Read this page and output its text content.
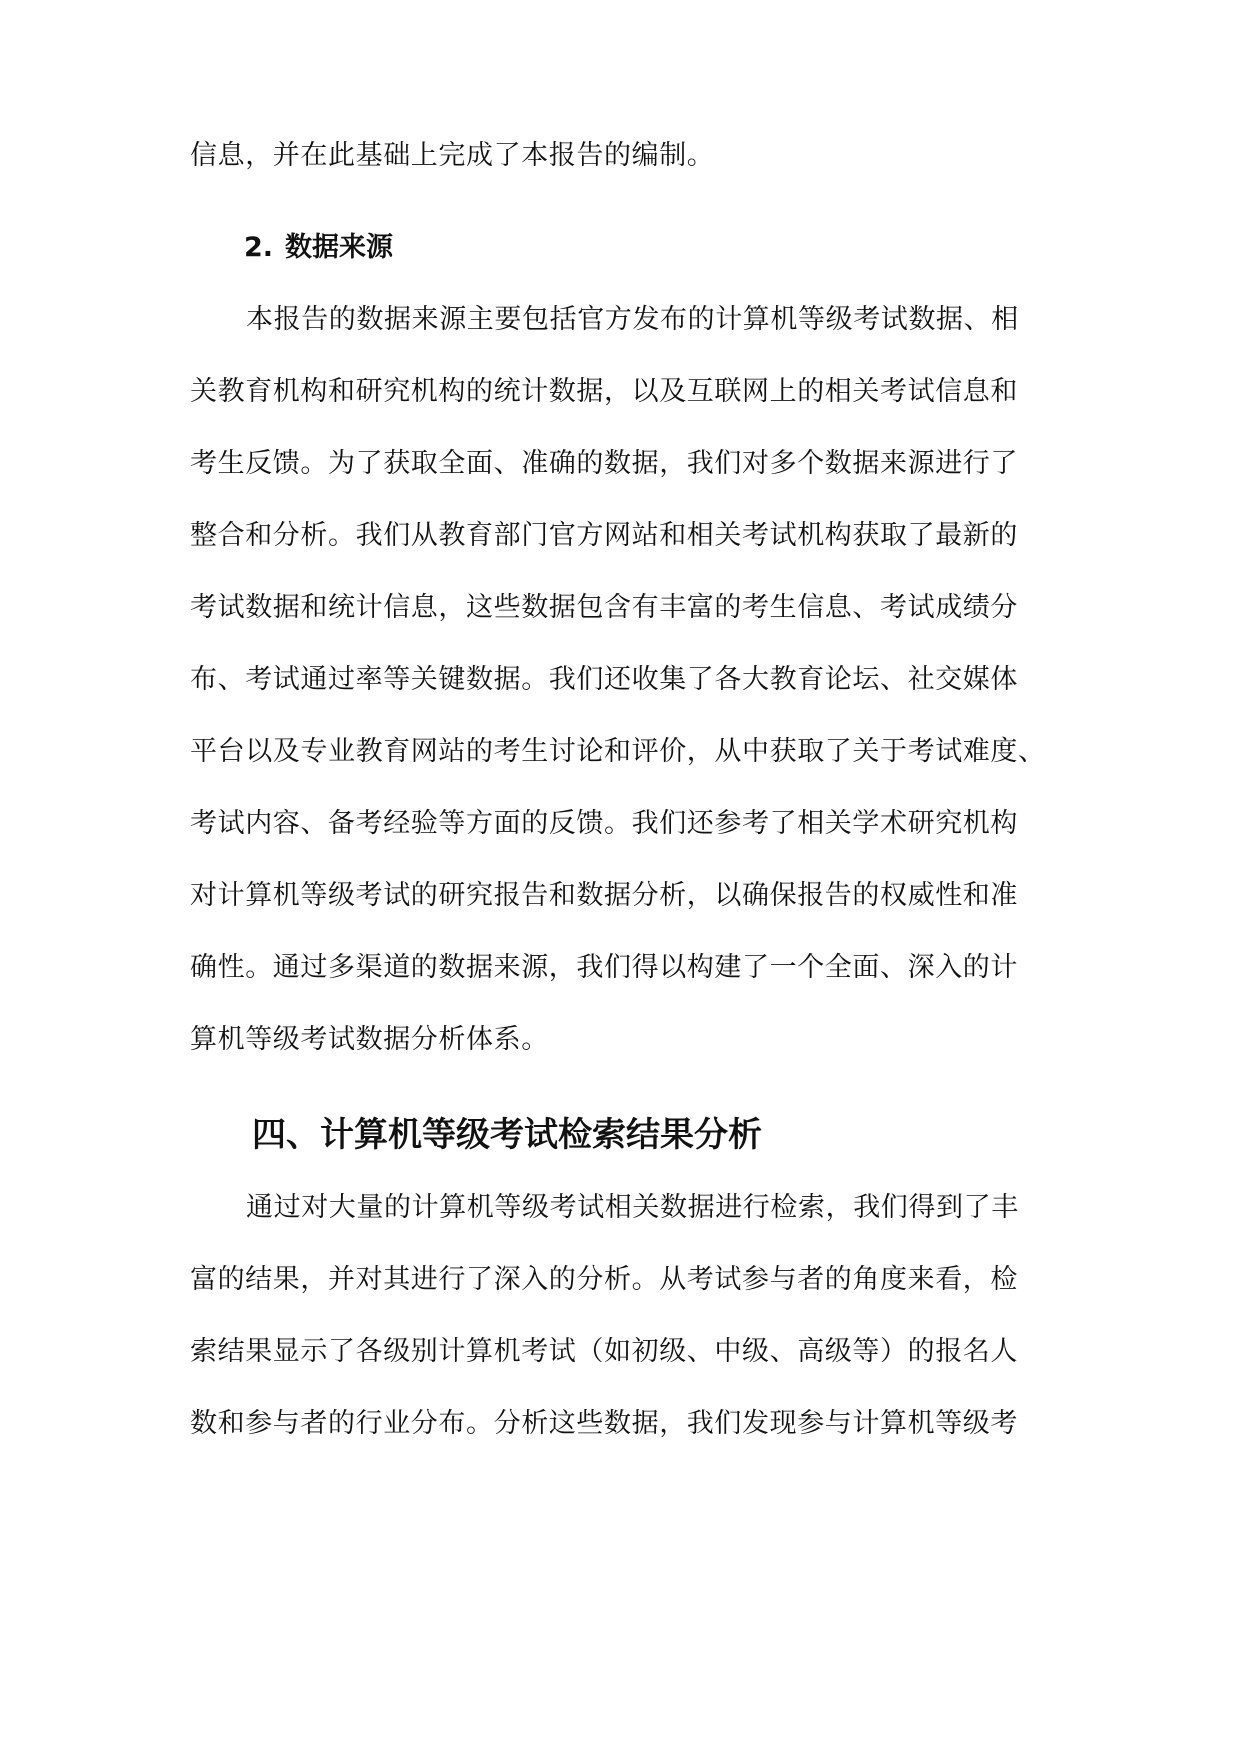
信息，并在此基础上完成了本报告的编制。
2. 数据来源
本报告的数据来源主要包括官方发布的计算机等级考试数据、相
关教育机构和研究机构的统计数据，以及互联网上的相关考试信息和
考生反馈。为了获取全面、准确的数据，我们对多个数据来源进行了
整合和分析。我们从教育部门官方网站和相关考试机构获取了最新的
考试数据和统计信息，这些数据包含有丰富的考生信息、考试成绩分
布、考试通过率等关键数据。我们还收集了各大教育论坛、社交媒体
平台以及专业教育网站的考生讨论和评价，从中获取了关于考试难度、
考试内容、备考经验等方面的反馈。我们还参考了相关学术研究机构
对计算机等级考试的研究报告和数据分析，以确保报告的权威性和准
确性。通过多渠道的数据来源，我们得以构建了一个全面、深入的计
算机等级考试数据分析体系。
四、计算机等级考试检索结果分析
通过对大量的计算机等级考试相关数据进行检索，我们得到了丰
富的结果，并对其进行了深入的分析。从考试参与者的角度来看，检
索结果显示了各级别计算机考试（如初级、中级、高级等）的报名人
数和参与者的行业分布。分析这些数据，我们发现参与计算机等级考
